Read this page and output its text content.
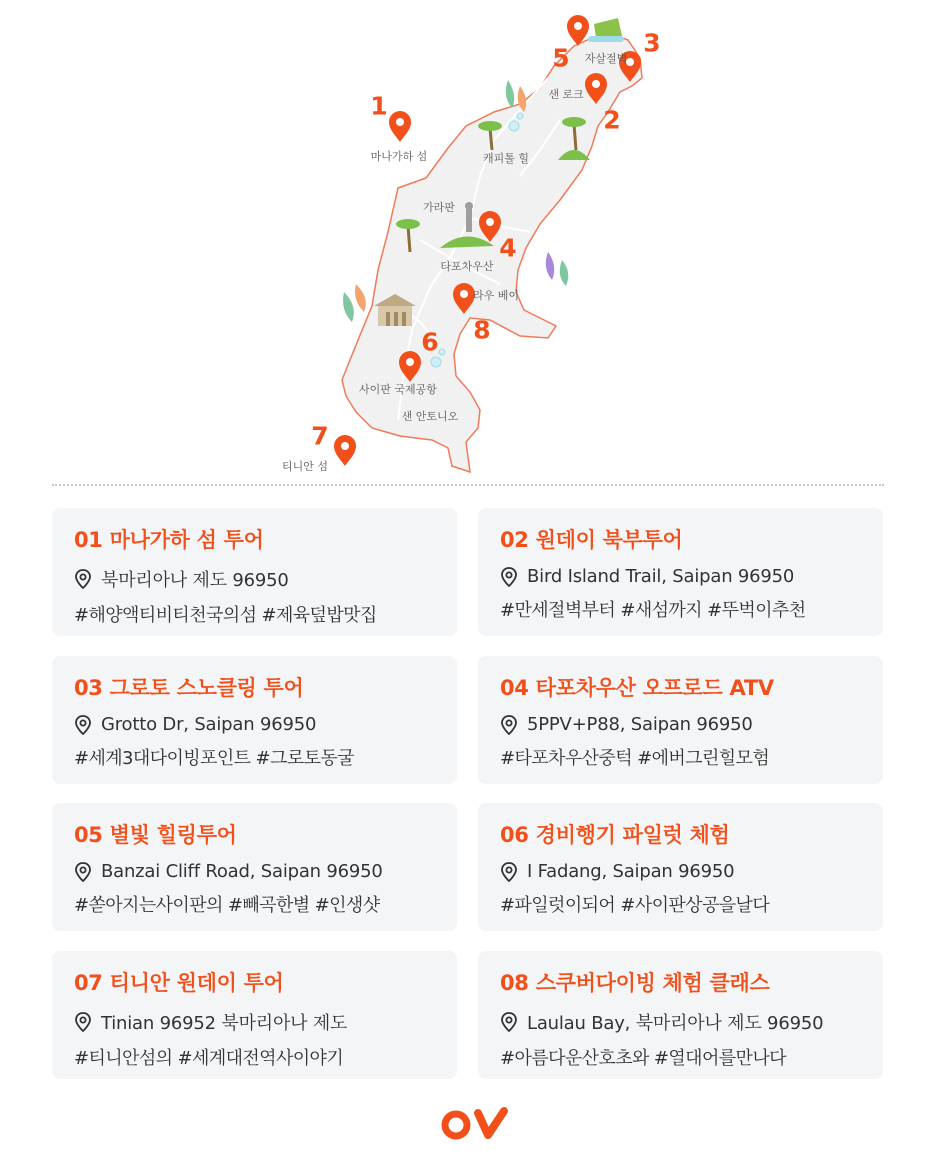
마나가하 섬	캐피톨 힐
가라판
타포차우산
라우 베이
사이판 국제공항
샌 안토니오
티니안 섬
샌 로크
자살절벽
1	2
3
4
5
6
7
8
01 마나가하 섬 투어
북마리아나 제도 96950
#해양액티비티천국의섬 #제육덮밥맛집
02 원데이 북부투어
Bird Island Trail, Saipan 96950
#만세절벽부터 #새섬까지 #뚜벅이추천
03 그로토 스노클링 투어
Grotto Dr, Saipan 96950
#세계3대다이빙포인트 #그로토동굴
04 타포차우산 오프로드 ATV
5PPV+P88, Saipan 96950
#타포차우산중턱 #에버그린힐모험
05 별빛 힐링투어
Banzai Cliff Road, Saipan 96950
#쏟아지는사이판의 #빼곡한별 #인생샷
06 경비행기 파일럿 체험
I Fadang, Saipan 96950
#파일럿이되어 #사이판상공을날다
07 티니안 원데이 투어
Tinian 96952 북마리아나 제도
#티니안섬의 #세계대전역사이야기
08 스쿠버다이빙 체험 클래스
Laulau Bay, 북마리아나 제도 96950
#아름다운산호초와 #열대어를만나다
